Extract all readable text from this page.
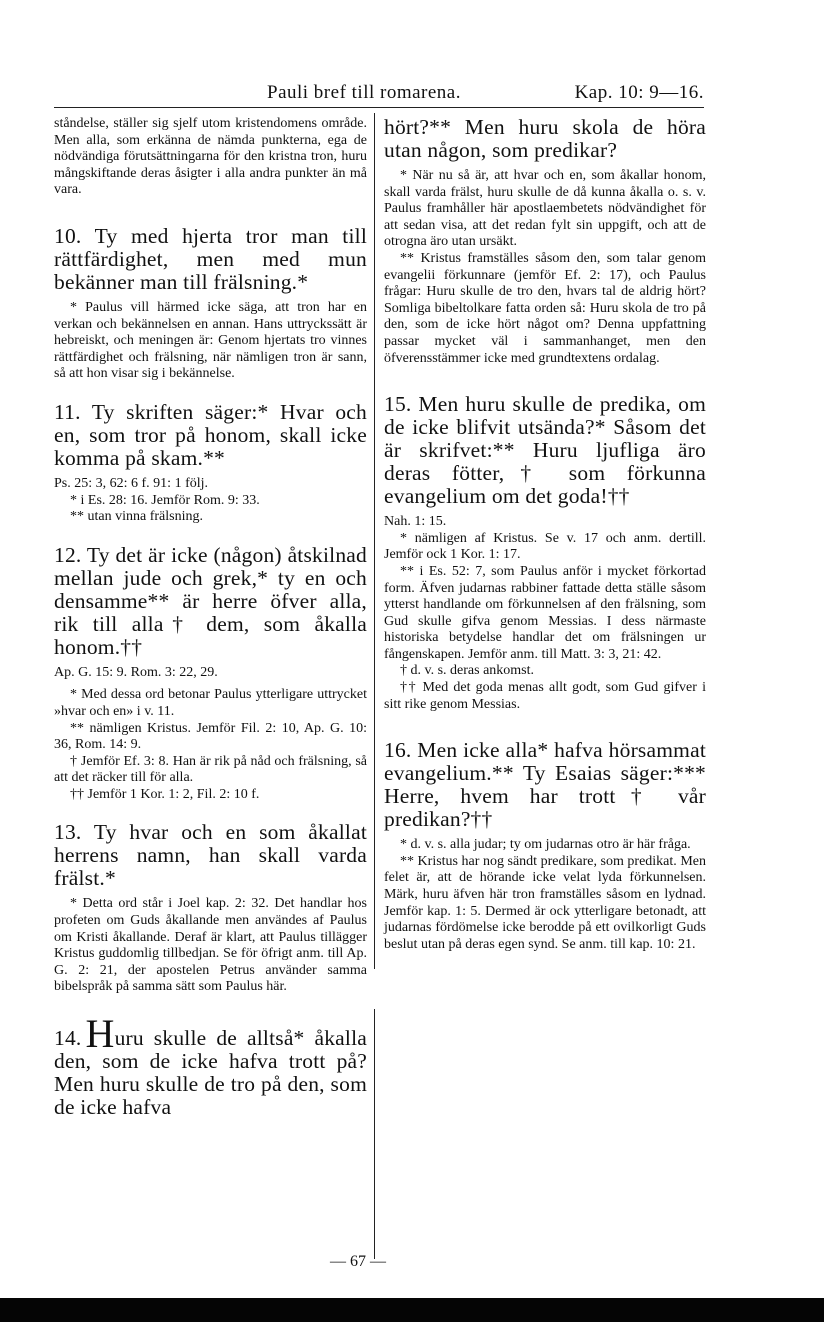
Pauli bref till romarena.	Kap. 10: 9—16.

ståndelse, ställer sig sjelf utom kristendomens område. Men alla, som erkänna de nämda punkterna, ega de nödvändiga förutsättningarna för den kristna tron, huru mångskiftande deras åsigter i alla andra punkter än må vara.

10. Ty med hjerta tror man till rättfärdighet, men med mun bekänner man till frälsning.*

* Paulus vill härmed icke säga, att tron har en verkan och bekännelsen en annan. Hans uttryckssätt är hebreiskt, och meningen är: Genom hjertats tro vinnes rättfärdighet och frälsning, när nämligen tron är sann, så att hon visar sig i bekännelse.

11. Ty skriften säger:* Hvar och en, som tror på honom, skall icke komma på skam.**

Ps. 25: 3, 62: 6 f. 91: 1 följ.

* i Es. 28: 16. Jemför Rom. 9: 33.

** utan vinna frälsning.

12. Ty det är icke (någon) åtskilnad mellan jude och grek,* ty en och densamme** är herre öfver alla, rik till alla† dem, som åkalla honom.††

Ap. G. 15: 9. Rom. 3: 22, 29.

* Med dessa ord betonar Paulus ytterligare uttrycket »hvar och en» i v. 11.

** nämligen Kristus. Jemför Fil. 2: 10, Ap. G. 10: 36, Rom. 14: 9.

† Jemför Ef. 3: 8. Han är rik på nåd och frälsning, så att det räcker till för alla.

†† Jemför 1 Kor. 1: 2, Fil. 2: 10 f.

13. Ty hvar och en som åkallat herrens namn, han skall varda frälst.*

* Detta ord står i Joel kap. 2: 32. Det handlar hos profeten om Guds åkallande men användes af Paulus om Kristi åkallande. Deraf är klart, att Paulus tillägger Kristus guddomlig tillbedjan. Se för öfrigt anm. till Ap. G. 2: 21, der apostelen Petrus använder samma bibelspråk på samma sätt som Paulus här.

14. Huru skulle de alltså* åkalla den, som de icke hafva trott på? Men huru skulle de tro på den, som de icke hafva

hört?** Men huru skola de höra utan någon, som predikar?

* När nu så är, att hvar och en, som åkallar honom, skall varda frälst, huru skulle de då kunna åkalla o. s. v. Paulus framhåller här apostlaembetets nödvändighet för att sedan visa, att det redan fylt sin uppgift, och att de otrogna äro utan ursäkt.

** Kristus framställes såsom den, som talar genom evangelii förkunnare (jemför Ef. 2: 17), och Paulus frågar: Huru skulle de tro den, hvars tal de aldrig hört? Somliga bibeltolkare fatta orden så: Huru skola de tro på den, som de icke hört något om? Denna uppfattning passar mycket väl i sammanhanget, men den öfverensstämmer icke med grundtextens ordalag.

15. Men huru skulle de predika, om de icke blifvit utsända?* Såsom det är skrifvet:** Huru ljufliga äro deras fötter,† som förkunna evangelium om det goda!††

Nah. 1: 15.

* nämligen af Kristus. Se v. 17 och anm. dertill. Jemför ock 1 Kor. 1: 17.

** i Es. 52: 7, som Paulus anför i mycket förkortad form. Äfven judarnas rabbiner fattade detta ställe såsom ytterst handlande om förkunnelsen af den frälsning, som Gud skulle gifva genom Messias. I dess närmaste historiska betydelse handlar det om frälsningen ur fångenskapen. Jemför anm. till Matt. 3: 3, 21: 42.

† d. v. s. deras ankomst.

†† Med det goda menas allt godt, som Gud gifver i sitt rike genom Messias.

16. Men icke alla* hafva hörsammat evangelium.** Ty Esaias säger:*** Herre, hvem har trott† vår predikan?††

* d. v. s. alla judar; ty om judarnas otro är här fråga.

** Kristus har nog sändt predikare, som predikat. Men felet är, att de hörande icke velat lyda förkunnelsen. Märk, huru äfven här tron framställes såsom en lydnad. Jemför kap. 1: 5. Dermed är ock ytterligare betonadt, att judarnas fördömelse icke berodde på ett ovilkorligt Guds beslut utan på deras egen synd. Se anm. till kap. 10: 21.

— 67 —
